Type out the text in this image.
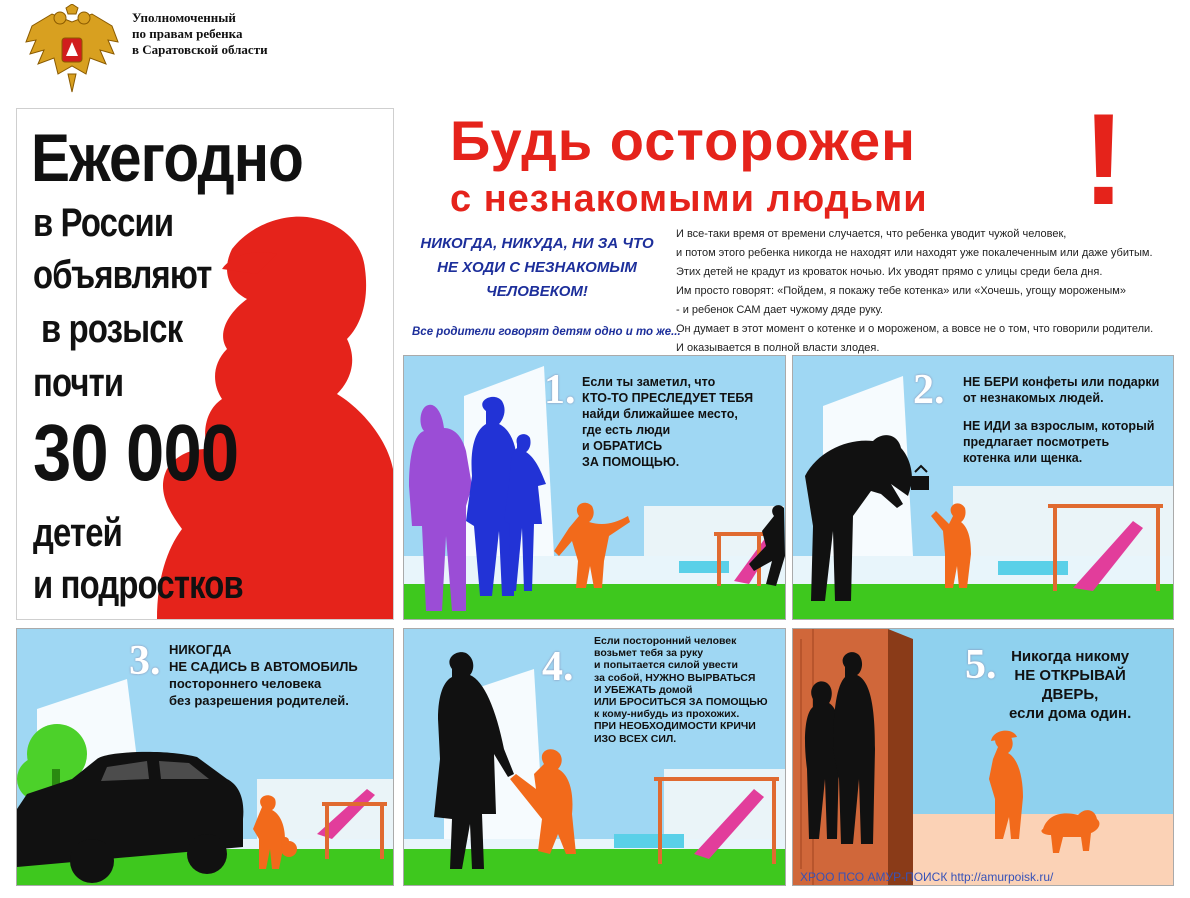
Уполномоченный
по правам ребенка
в Саратовской области
Ежегодно
в России
объявляют
в розыск
почти
30 000
детей
и подростков
Будь осторожен
с незнакомыми людьми !
НИКОГДА, НИКУДА, НИ ЗА ЧТО
НЕ ХОДИ С НЕЗНАКОМЫМ
ЧЕЛОВЕКОМ!
Все родители говорят детям одно и то же...
И все-таки время от времени случается, что ребенка уводит чужой человек,
и потом этого ребенка никогда не находят или находят уже покалеченным или даже убитым.
Этих детей не крадут из кроваток ночью. Их уводят прямо с улицы среди бела дня.
Им просто говорят: «Пойдем, я покажу тебе котенка» или «Хочешь, угощу мороженым»
- и ребенок САМ дает чужому дяде руку.
Он думает в этот момент о котенке и о мороженом, а вовсе не о том, что говорили родители.
И оказывается в полной власти злодея.
1. Если ты заметил, что
КТО-ТО ПРЕСЛЕДУЕТ ТЕБЯ
найди ближайшее место,
где есть люди
и ОБРАТИСЬ
ЗА ПОМОЩЬЮ.
2. НЕ БЕРИ конфеты или подарки
от незнакомых людей.
НЕ ИДИ за взрослым, который
предлагает посмотреть
котенка или щенка.
3. НИКОГДА
НЕ САДИСЬ В АВТОМОБИЛЬ
постороннего человека
без разрешения родителей.
4.
Если посторонний человек
возьмет тебя за руку
и попытается силой увести
за собой, НУЖНО ВЫРВАТЬСЯ
И УБЕЖАТЬ домой
ИЛИ БРОСИТЬСЯ ЗА ПОМОЩЬЮ
к кому-нибудь из прохожих.
ПРИ НЕОБХОДИМОСТИ КРИЧИ
ИЗО ВСЕХ СИЛ.
5. Никогда никому
НЕ ОТКРЫВАЙ
ДВЕРЬ,
если дома один.
ХРОО ПСО АМУР-ПОИСК http://amurpoisk.ru/
